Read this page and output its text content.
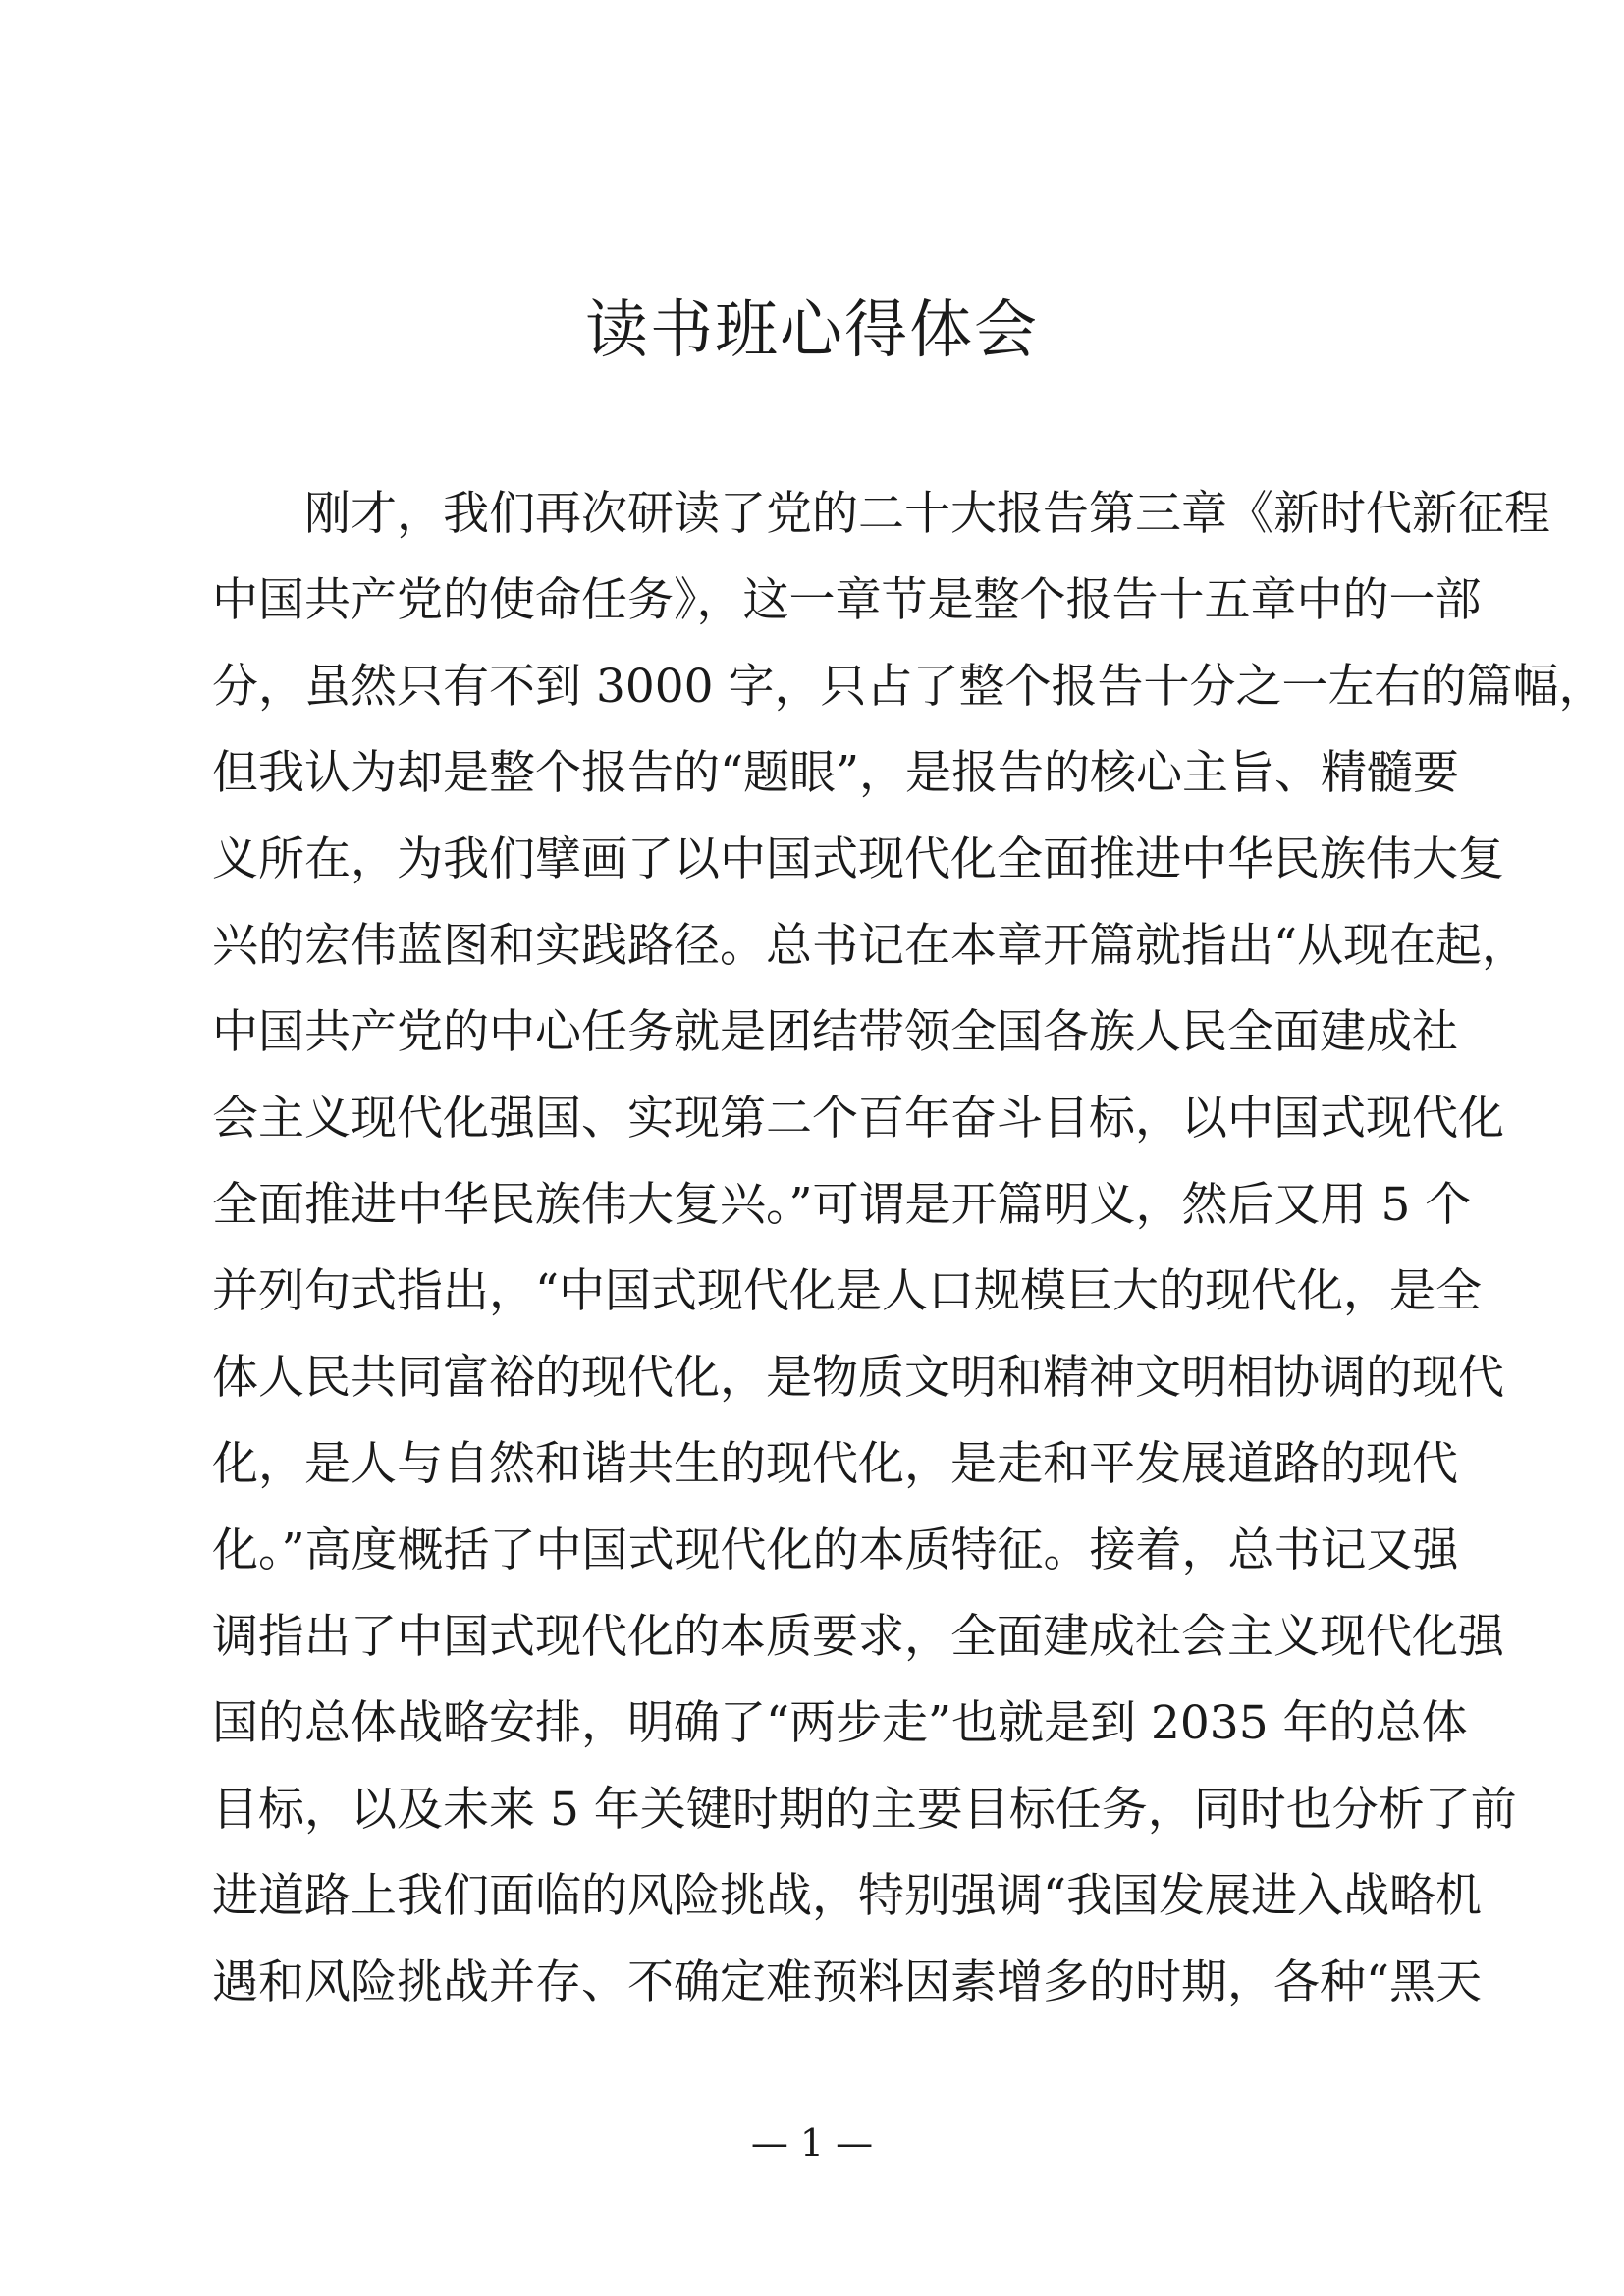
读书班心得体会
刚才，我们再次研读了党的二十大报告第三章《新时代新征程
中国共产党的使命任务》，这一章节是整个报告十五章中的一部
分，虽然只有不到 3000 字，只占了整个报告十分之一左右的篇幅，
但我认为却是整个报告的“题眼”，是报告的核心主旨、精髓要
义所在，为我们擘画了以中国式现代化全面推进中华民族伟大复
兴的宏伟蓝图和实践路径。总书记在本章开篇就指出“从现在起，
中国共产党的中心任务就是团结带领全国各族人民全面建成社
会主义现代化强国、实现第二个百年奋斗目标，以中国式现代化
全面推进中华民族伟大复兴。”可谓是开篇明义，然后又用 5 个
并列句式指出，“中国式现代化是人口规模巨大的现代化，是全
体人民共同富裕的现代化，是物质文明和精神文明相协调的现代
化，是人与自然和谐共生的现代化，是走和平发展道路的现代
化。”高度概括了中国式现代化的本质特征。接着，总书记又强
调指出了中国式现代化的本质要求，全面建成社会主义现代化强
国的总体战略安排，明确了“两步走”也就是到 2035 年的总体
目标，以及未来 5 年关键时期的主要目标任务，同时也分析了前
进道路上我们面临的风险挑战，特别强调“我国发展进入战略机
遇和风险挑战并存、不确定难预料因素增多的时期，各种“黑天
— 1 —
